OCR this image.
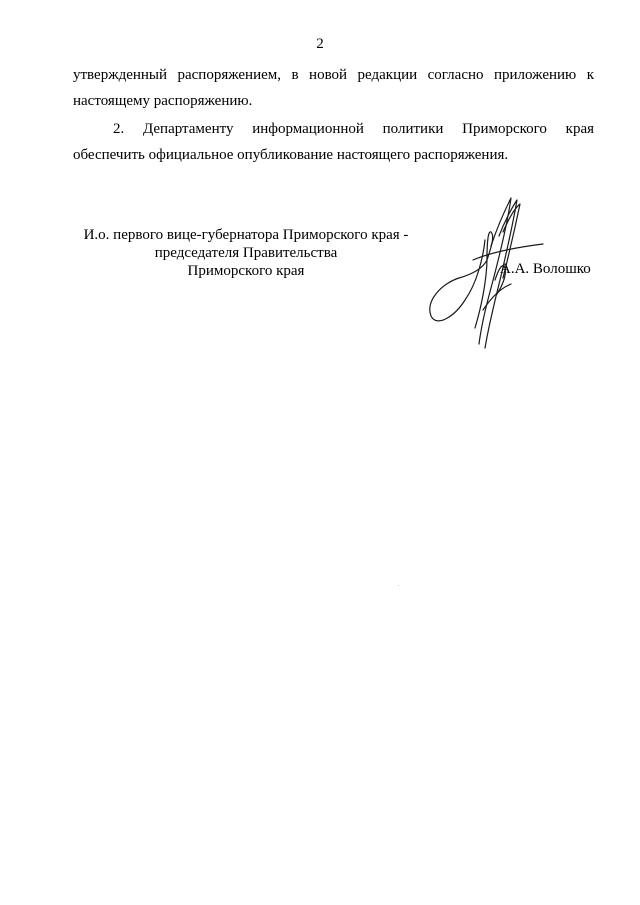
2

утвержденный распоряжением, в новой редакции согласно приложению к
настоящему распоряжению.

2. Департаменту информационной политики Приморского края
обеспечить официальное опубликование настоящего распоряжения.

И.о. первого вице-губернатора Приморского края -
председателя Правительства
Приморского края	А.А. Волошко
